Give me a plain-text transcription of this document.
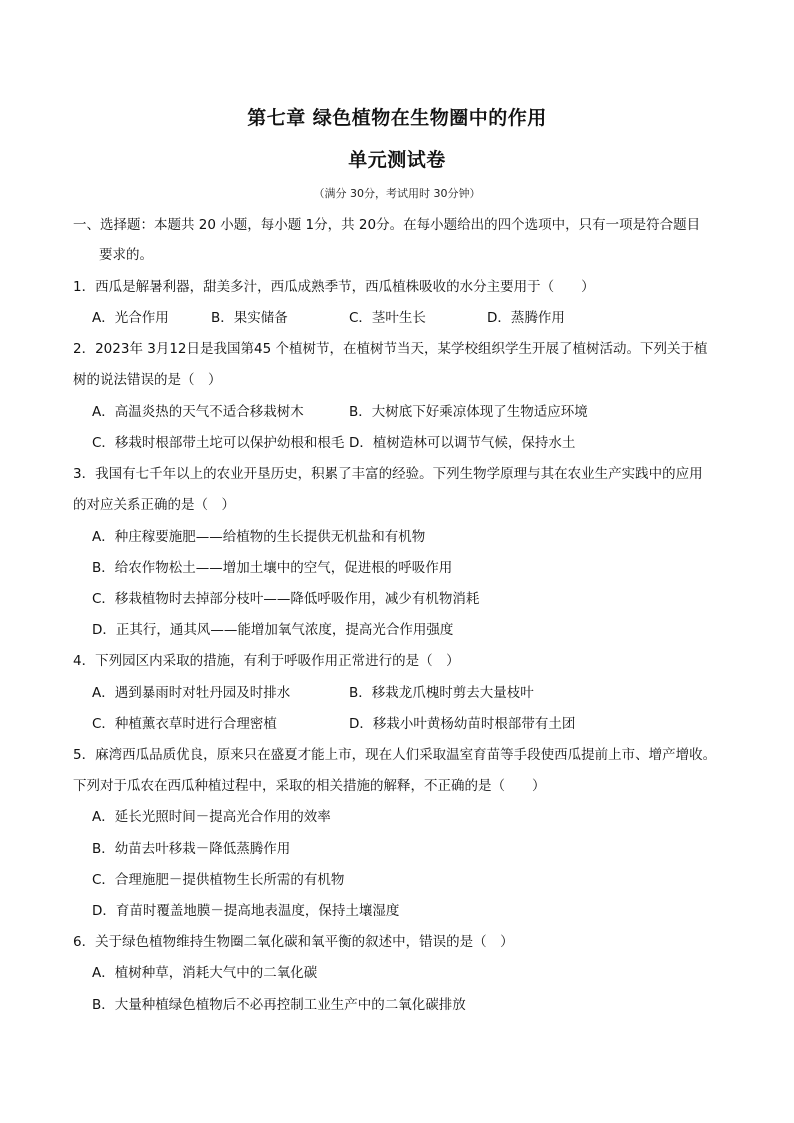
第七章 绿色植物在生物圈中的作用
单元测试卷
（满分 30分，考试用时 30分钟）
一、选择题：本题共 20 小题，每小题 1分，共 20分。在每小题给出的四个选项中，只有一项是符合题目
要求的。
1．西瓜是解暑利器，甜美多汁，西瓜成熟季节，西瓜植株吸收的水分主要用于（　　）
A．光合作用	B．果实储备	C．茎叶生长	D．蒸腾作用
2．2023年 3月12日是我国第45 个植树节，在植树节当天，某学校组织学生开展了植树活动。下列关于植
树的说法错误的是（　）
A．高温炎热的天气不适合移栽树木	B．大树底下好乘凉体现了生物适应环境
C．移栽时根部带土坨可以保护幼根和根毛 D．植树造林可以调节气候，保持水土
3．我国有七千年以上的农业开垦历史，积累了丰富的经验。下列生物学原理与其在农业生产实践中的应用
的对应关系正确的是（　）
A．种庄稼要施肥——给植物的生长提供无机盐和有机物
B．给农作物松土——增加土壤中的空气，促进根的呼吸作用
C．移栽植物时去掉部分枝叶——降低呼吸作用，减少有机物消耗
D．正其行，通其风——能增加氧气浓度，提高光合作用强度
4．下列园区内采取的措施，有利于呼吸作用正常进行的是（　）
A．遇到暴雨时对牡丹园及时排水	B．移栽龙爪槐时剪去大量枝叶
C．种植薰衣草时进行合理密植	D．移栽小叶黄杨幼苗时根部带有土团
5．麻湾西瓜品质优良，原来只在盛夏才能上市，现在人们采取温室育苗等手段使西瓜提前上市、增产增收。
下列对于瓜农在西瓜种植过程中，采取的相关措施的解释，不正确的是（　　）
A．延长光照时间－提高光合作用的效率
B．幼苗去叶移栽－降低蒸腾作用
C．合理施肥－提供植物生长所需的有机物
D．育苗时覆盖地膜－提高地表温度，保持土壤湿度
6．关于绿色植物维持生物圈二氧化碳和氧平衡的叙述中，错误的是（　）
A．植树种草，消耗大气中的二氧化碳
B．大量种植绿色植物后不必再控制工业生产中的二氧化碳排放
